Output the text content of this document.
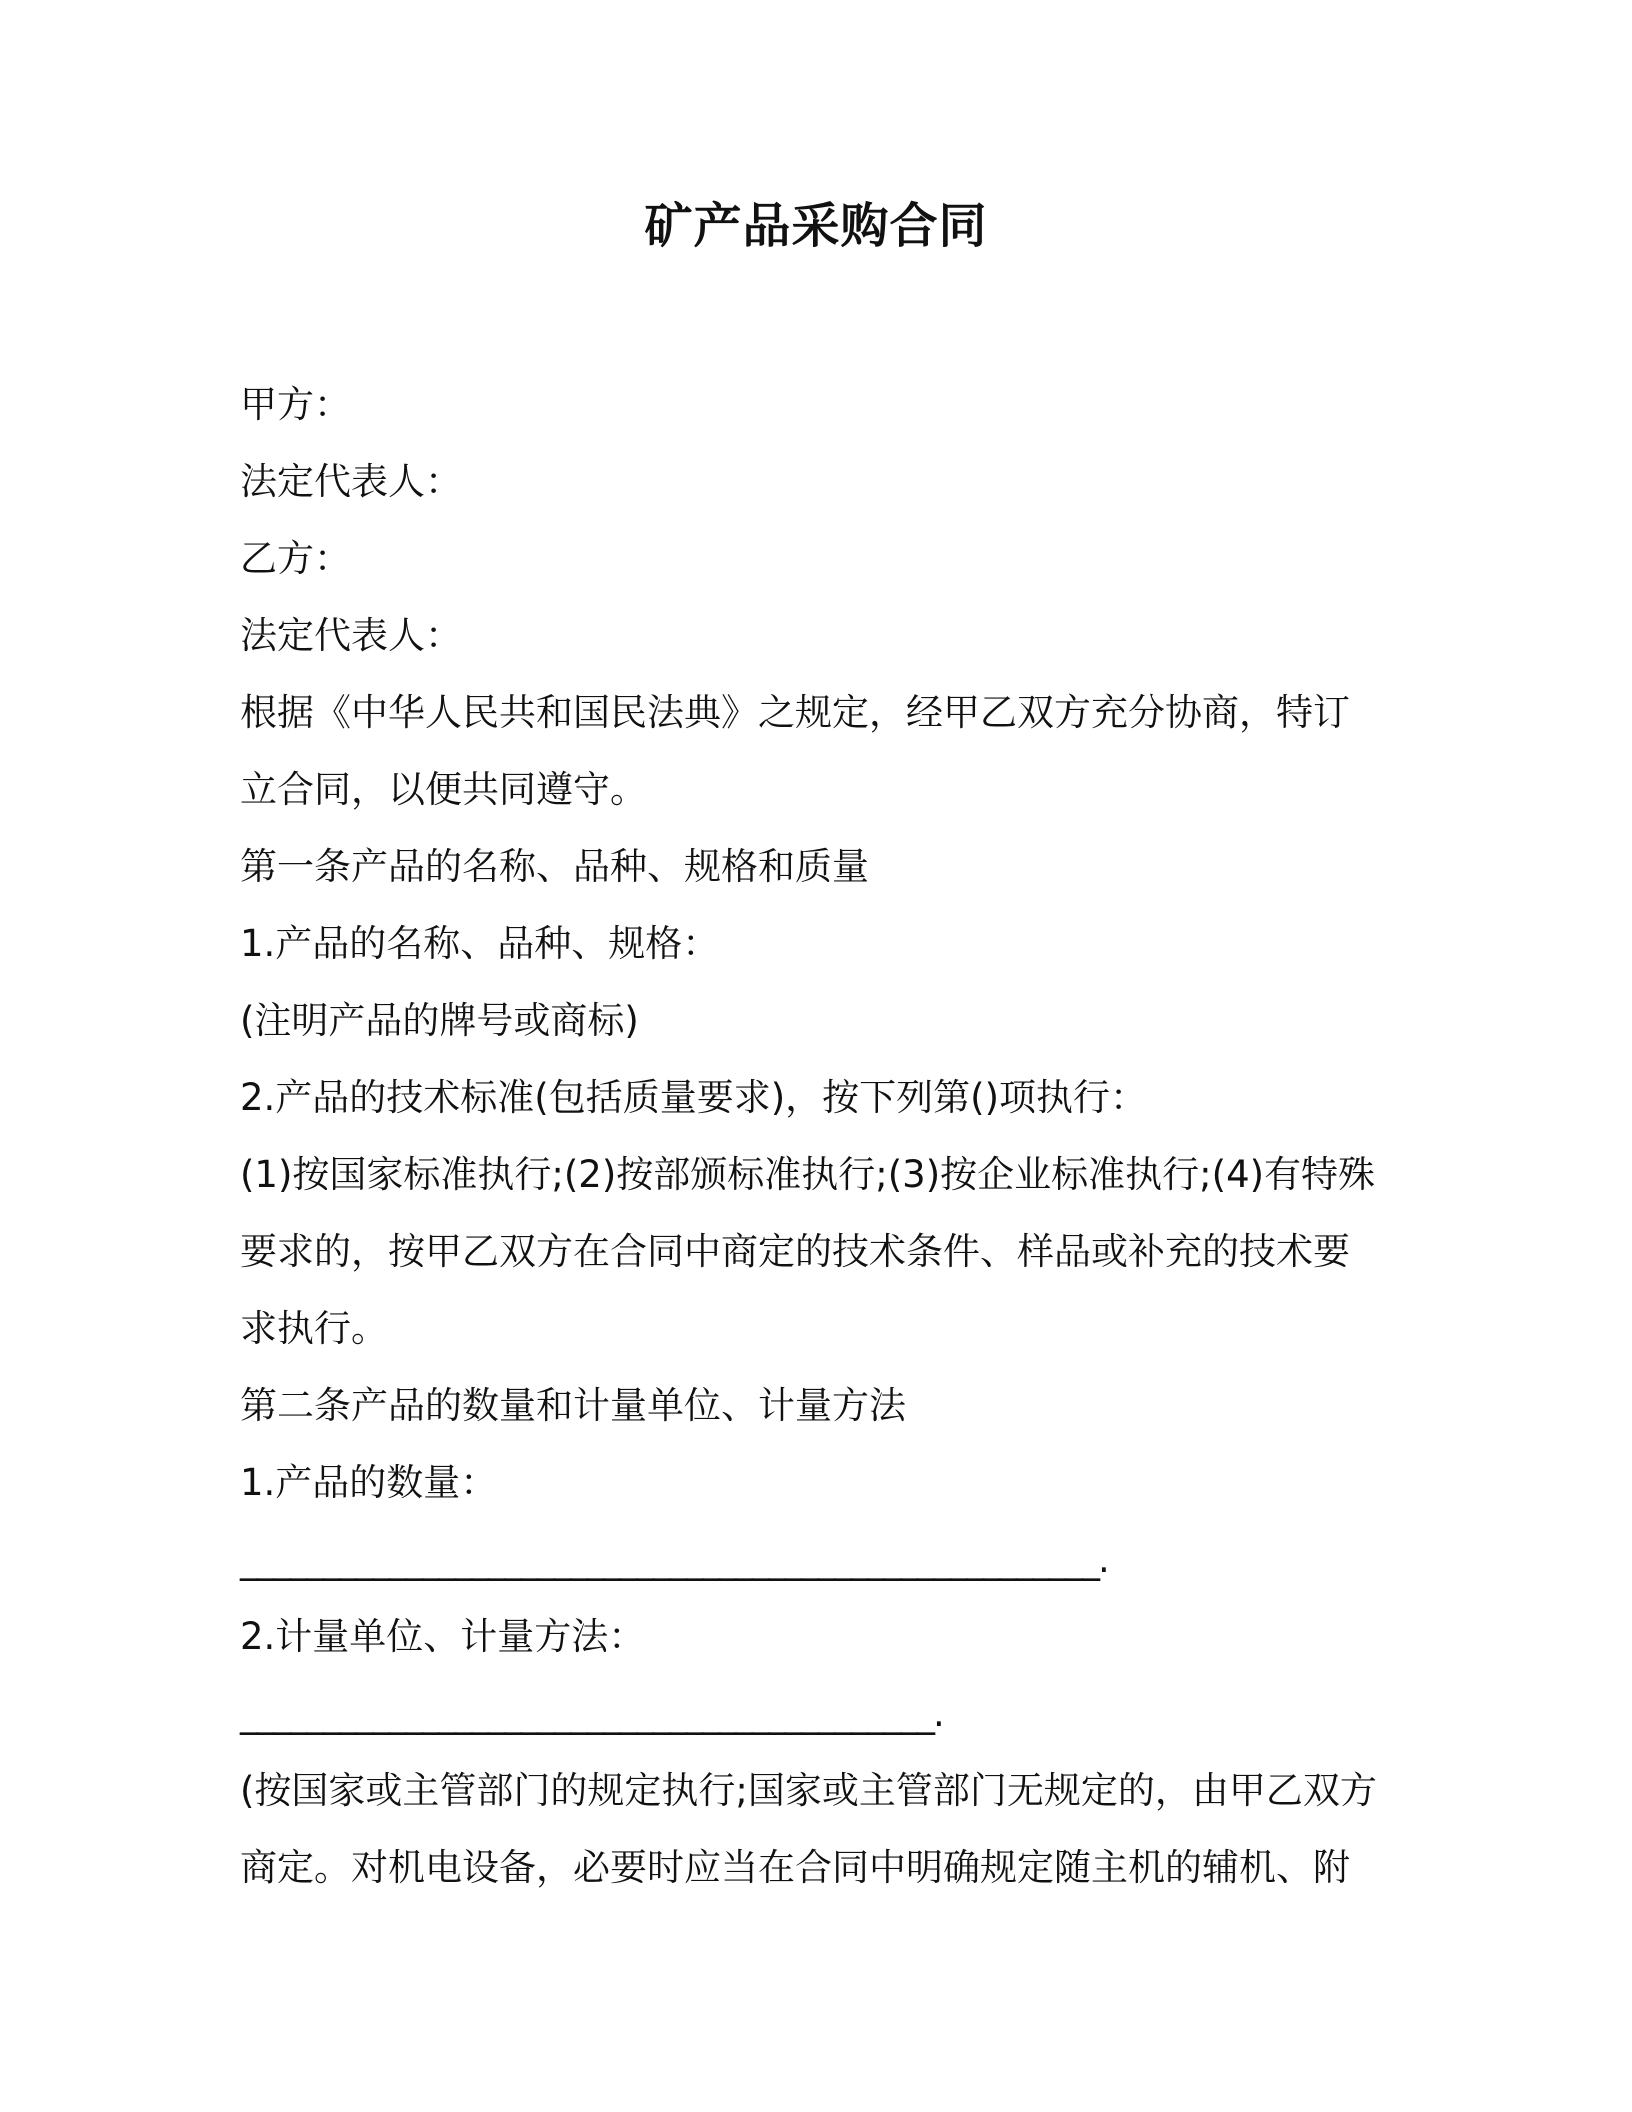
矿产品采购合同

甲方：

法定代表人：

乙方：

法定代表人：

根据《中华人民共和国民法典》之规定，经甲乙双方充分协商，特订

立合同，以便共同遵守。

第一条产品的名称、品种、规格和质量

1.产品的名称、品种、规格：

(注明产品的牌号或商标)

2.产品的技术标准(包括质量要求)，按下列第()项执行：

(1)按国家标准执行;(2)按部颁标准执行;(3)按企业标准执行;(4)有特殊

要求的，按甲乙双方在合同中商定的技术条件、样品或补充的技术要

求执行。

第二条产品的数量和计量单位、计量方法

1.产品的数量：

____________________________________________________.

2.计量单位、计量方法：

__________________________________________.

(按国家或主管部门的规定执行;国家或主管部门无规定的，由甲乙双方

商定。对机电设备，必要时应当在合同中明确规定随主机的辅机、附
